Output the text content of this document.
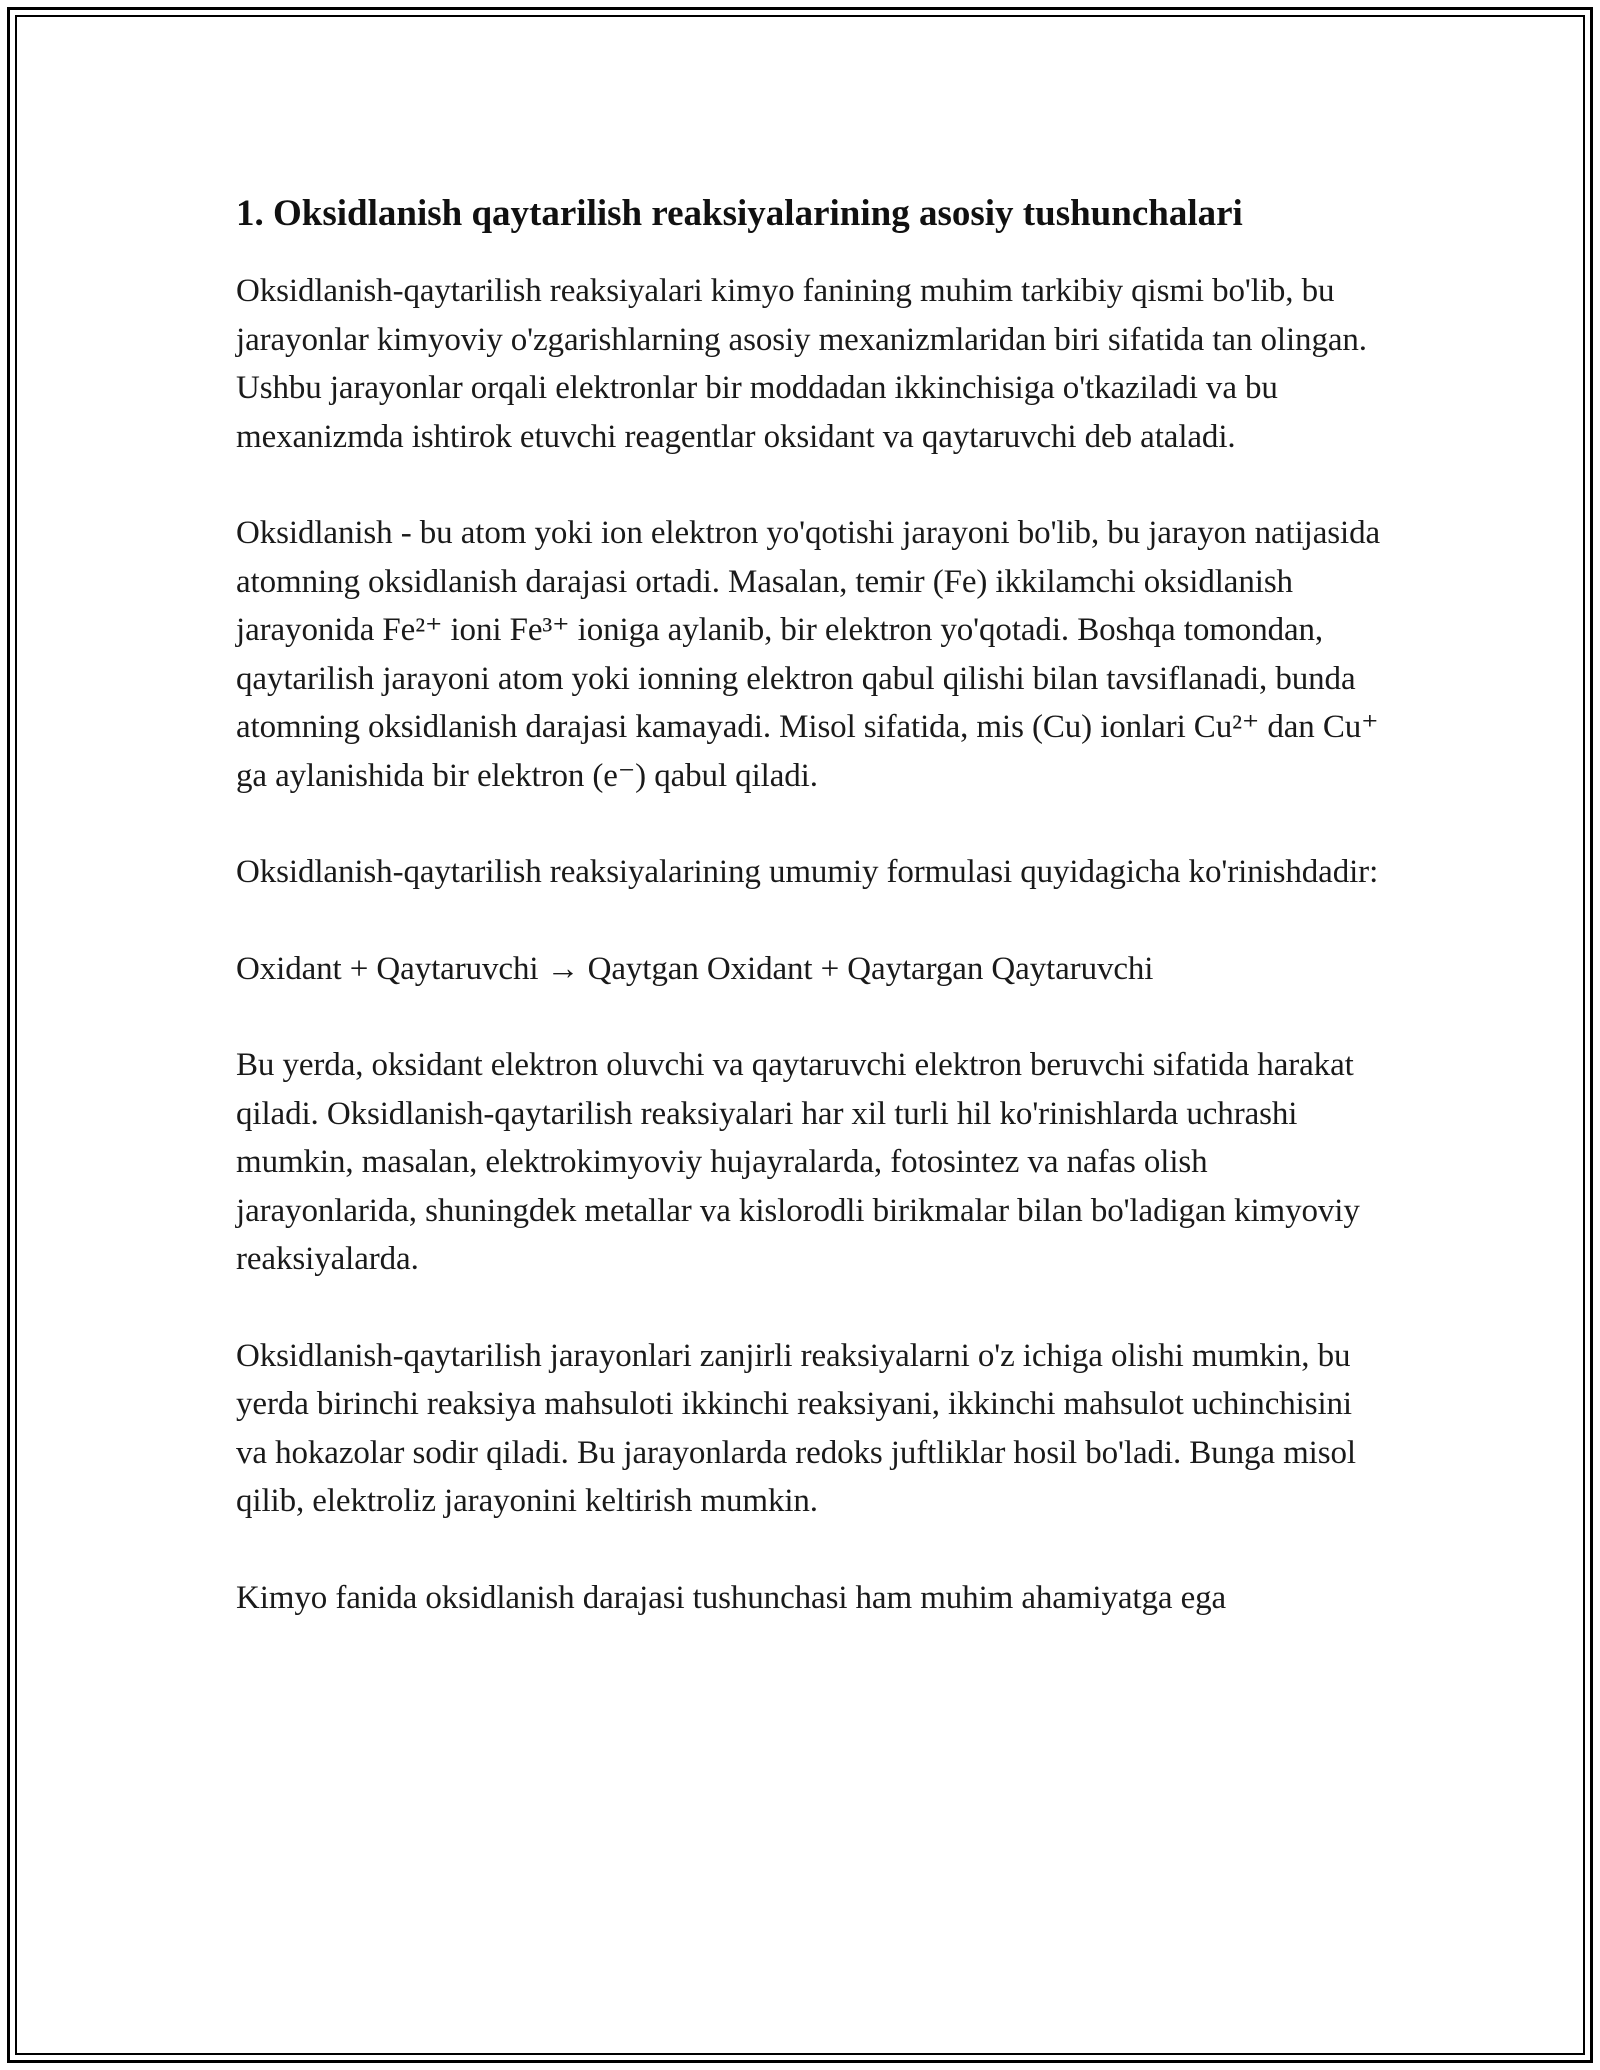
1. Oksidlanish qaytarilish reaksiyalarining asosiy tushunchalari

Oksidlanish-qaytarilish reaksiyalari kimyo fanining muhim tarkibiy qismi bo'lib, bu jarayonlar kimyoviy o'zgarishlarning asosiy mexanizmlaridan biri sifatida tan olingan. Ushbu jarayonlar orqali elektronlar bir moddadan ikkinchisiga o'tkaziladi va bu mexanizmda ishtirok etuvchi reagentlar oksidant va qaytaruvchi deb ataladi.

Oksidlanish - bu atom yoki ion elektron yo'qotishi jarayoni bo'lib, bu jarayon natijasida atomning oksidlanish darajasi ortadi. Masalan, temir (Fe) ikkilamchi oksidlanish jarayonida Fe²⁺ ioni Fe³⁺ ioniga aylanib, bir elektron yo'qotadi. Boshqa tomondan, qaytarilish jarayoni atom yoki ionning elektron qabul qilishi bilan tavsiflanadi, bunda atomning oksidlanish darajasi kamayadi. Misol sifatida, mis (Cu) ionlari Cu²⁺ dan Cu⁺ ga aylanishida bir elektron (e⁻) qabul qiladi.

Oksidlanish-qaytarilish reaksiyalarining umumiy formulasi quyidagicha ko'rinishdadir:

Oxidant + Qaytaruvchi → Qaytgan Oxidant + Qaytargan Qaytaruvchi

Bu yerda, oksidant elektron oluvchi va qaytaruvchi elektron beruvchi sifatida harakat qiladi. Oksidlanish-qaytarilish reaksiyalari har xil turli hil ko'rinishlarda uchrashi mumkin, masalan, elektrokimyoviy hujayralarda, fotosintez va nafas olish jarayonlarida, shuningdek metallar va kislorodli birikmalar bilan bo'ladigan kimyoviy reaksiyalarda.

Oksidlanish-qaytarilish jarayonlari zanjirli reaksiyalarni o'z ichiga olishi mumkin, bu yerda birinchi reaksiya mahsuloti ikkinchi reaksiyani, ikkinchi mahsulot uchinchisini va hokazolar sodir qiladi. Bu jarayonlarda redoks juftliklar hosil bo'ladi. Bunga misol qilib, elektroliz jarayonini keltirish mumkin.

Kimyo fanida oksidlanish darajasi tushunchasi ham muhim ahamiyatga ega
